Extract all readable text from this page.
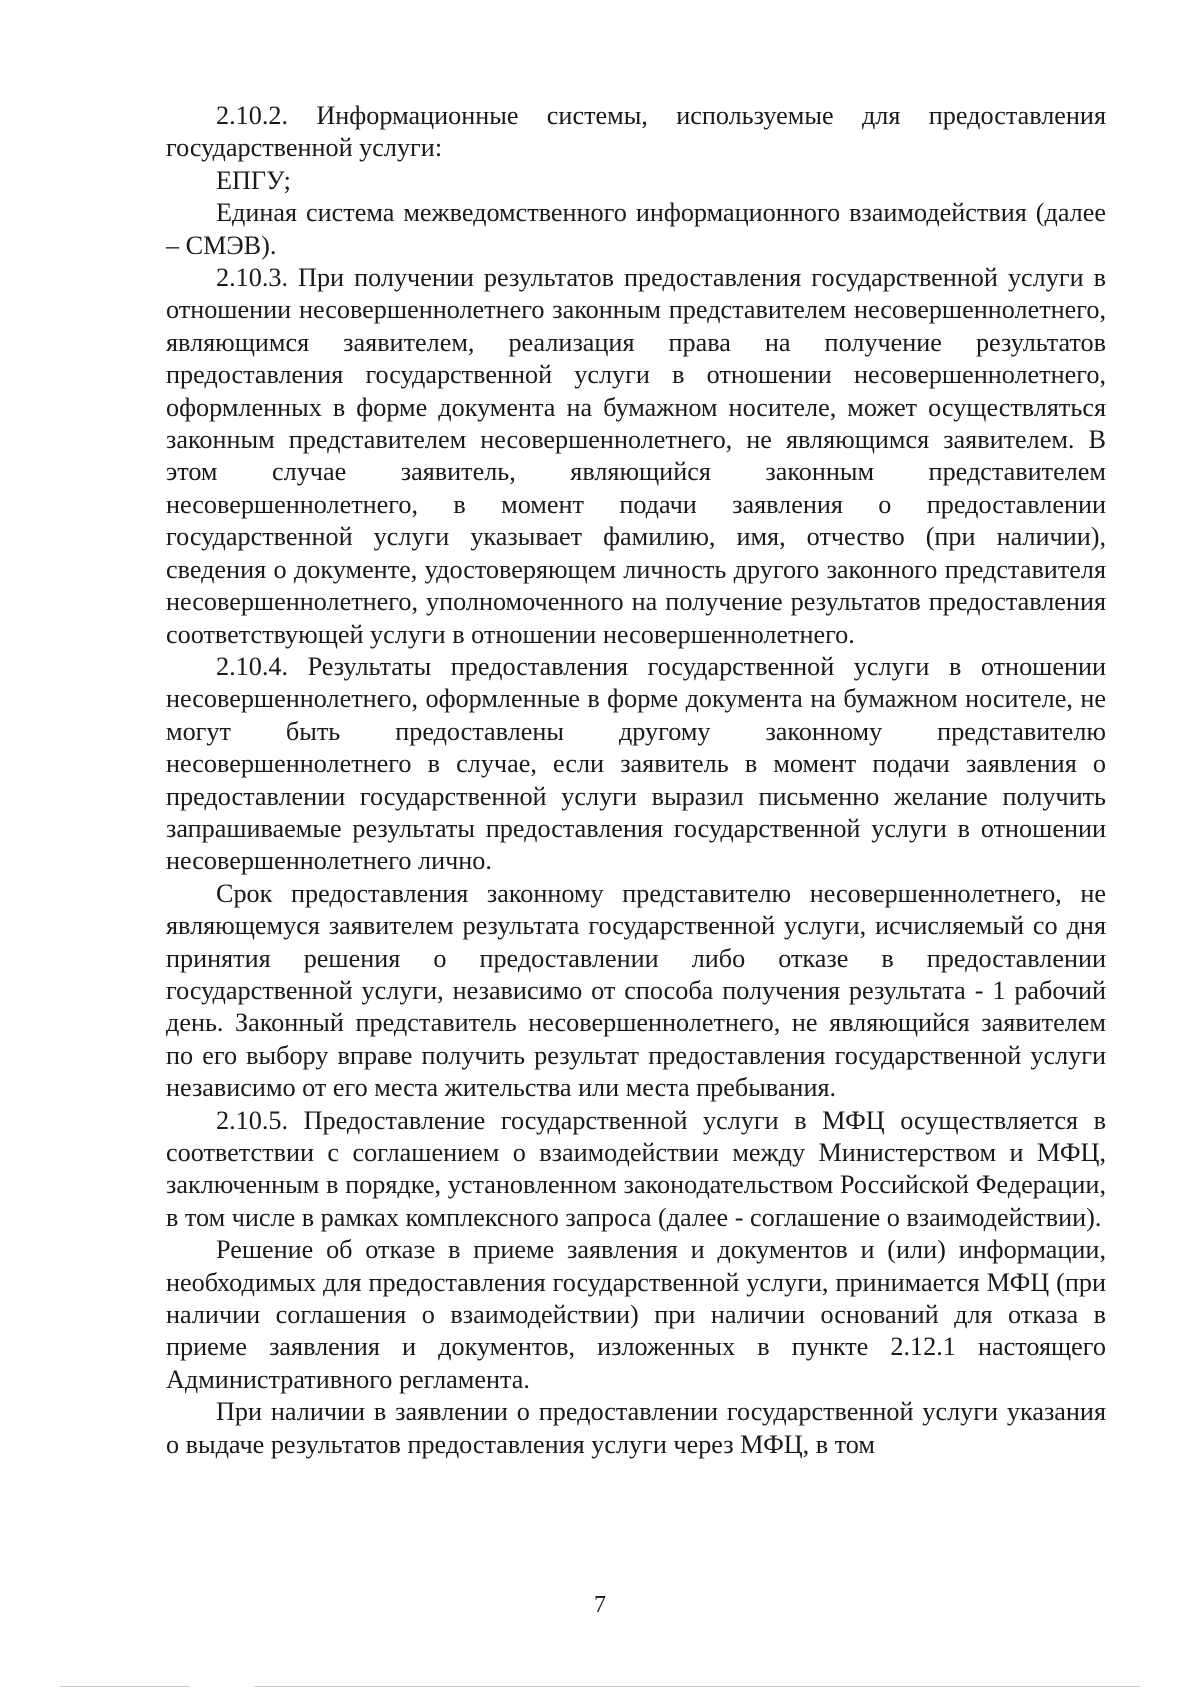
2.10.2. Информационные системы, используемые для предоставления государственной услуги:

ЕПГУ;

Единая система межведомственного информационного взаимодействия (далее – СМЭВ).

2.10.3. При получении результатов предоставления государственной услуги в отношении несовершеннолетнего законным представителем несовершеннолетнего, являющимся заявителем, реализация права на получение результатов предоставления государственной услуги в отношении несовершеннолетнего, оформленных в форме документа на бумажном носителе, может осуществляться законным представителем несовершеннолетнего, не являющимся заявителем. В этом случае заявитель, являющийся законным представителем несовершеннолетнего, в момент подачи заявления о предоставлении государственной услуги указывает фамилию, имя, отчество (при наличии), сведения о документе, удостоверяющем личность другого законного представителя несовершеннолетнего, уполномоченного на получение результатов предоставления соответствующей услуги в отношении несовершеннолетнего.

2.10.4. Результаты предоставления государственной услуги в отношении несовершеннолетнего, оформленные в форме документа на бумажном носителе, не могут быть предоставлены другому законному представителю несовершеннолетнего в случае, если заявитель в момент подачи заявления о предоставлении государственной услуги выразил письменно желание получить запрашиваемые результаты предоставления государственной услуги в отношении несовершеннолетнего лично.

Срок предоставления законному представителю несовершеннолетнего, не являющемуся заявителем результата государственной услуги, исчисляемый со дня принятия решения о предоставлении либо отказе в предоставлении государственной услуги, независимо от способа получения результата - 1 рабочий день. Законный представитель несовершеннолетнего, не являющийся заявителем по его выбору вправе получить результат предоставления государственной услуги независимо от его места жительства или места пребывания.

2.10.5. Предоставление государственной услуги в МФЦ осуществляется в соответствии с соглашением о взаимодействии между Министерством и МФЦ, заключенным в порядке, установленном законодательством Российской Федерации, в том числе в рамках комплексного запроса (далее - соглашение о взаимодействии).

Решение об отказе в приеме заявления и документов и (или) информации, необходимых для предоставления государственной услуги, принимается МФЦ (при наличии соглашения о взаимодействии) при наличии оснований для отказа в приеме заявления и документов, изложенных в пункте 2.12.1 настоящего Административного регламента.

При наличии в заявлении о предоставлении государственной услуги указания о выдаче результатов предоставления услуги через МФЦ, в том

7
